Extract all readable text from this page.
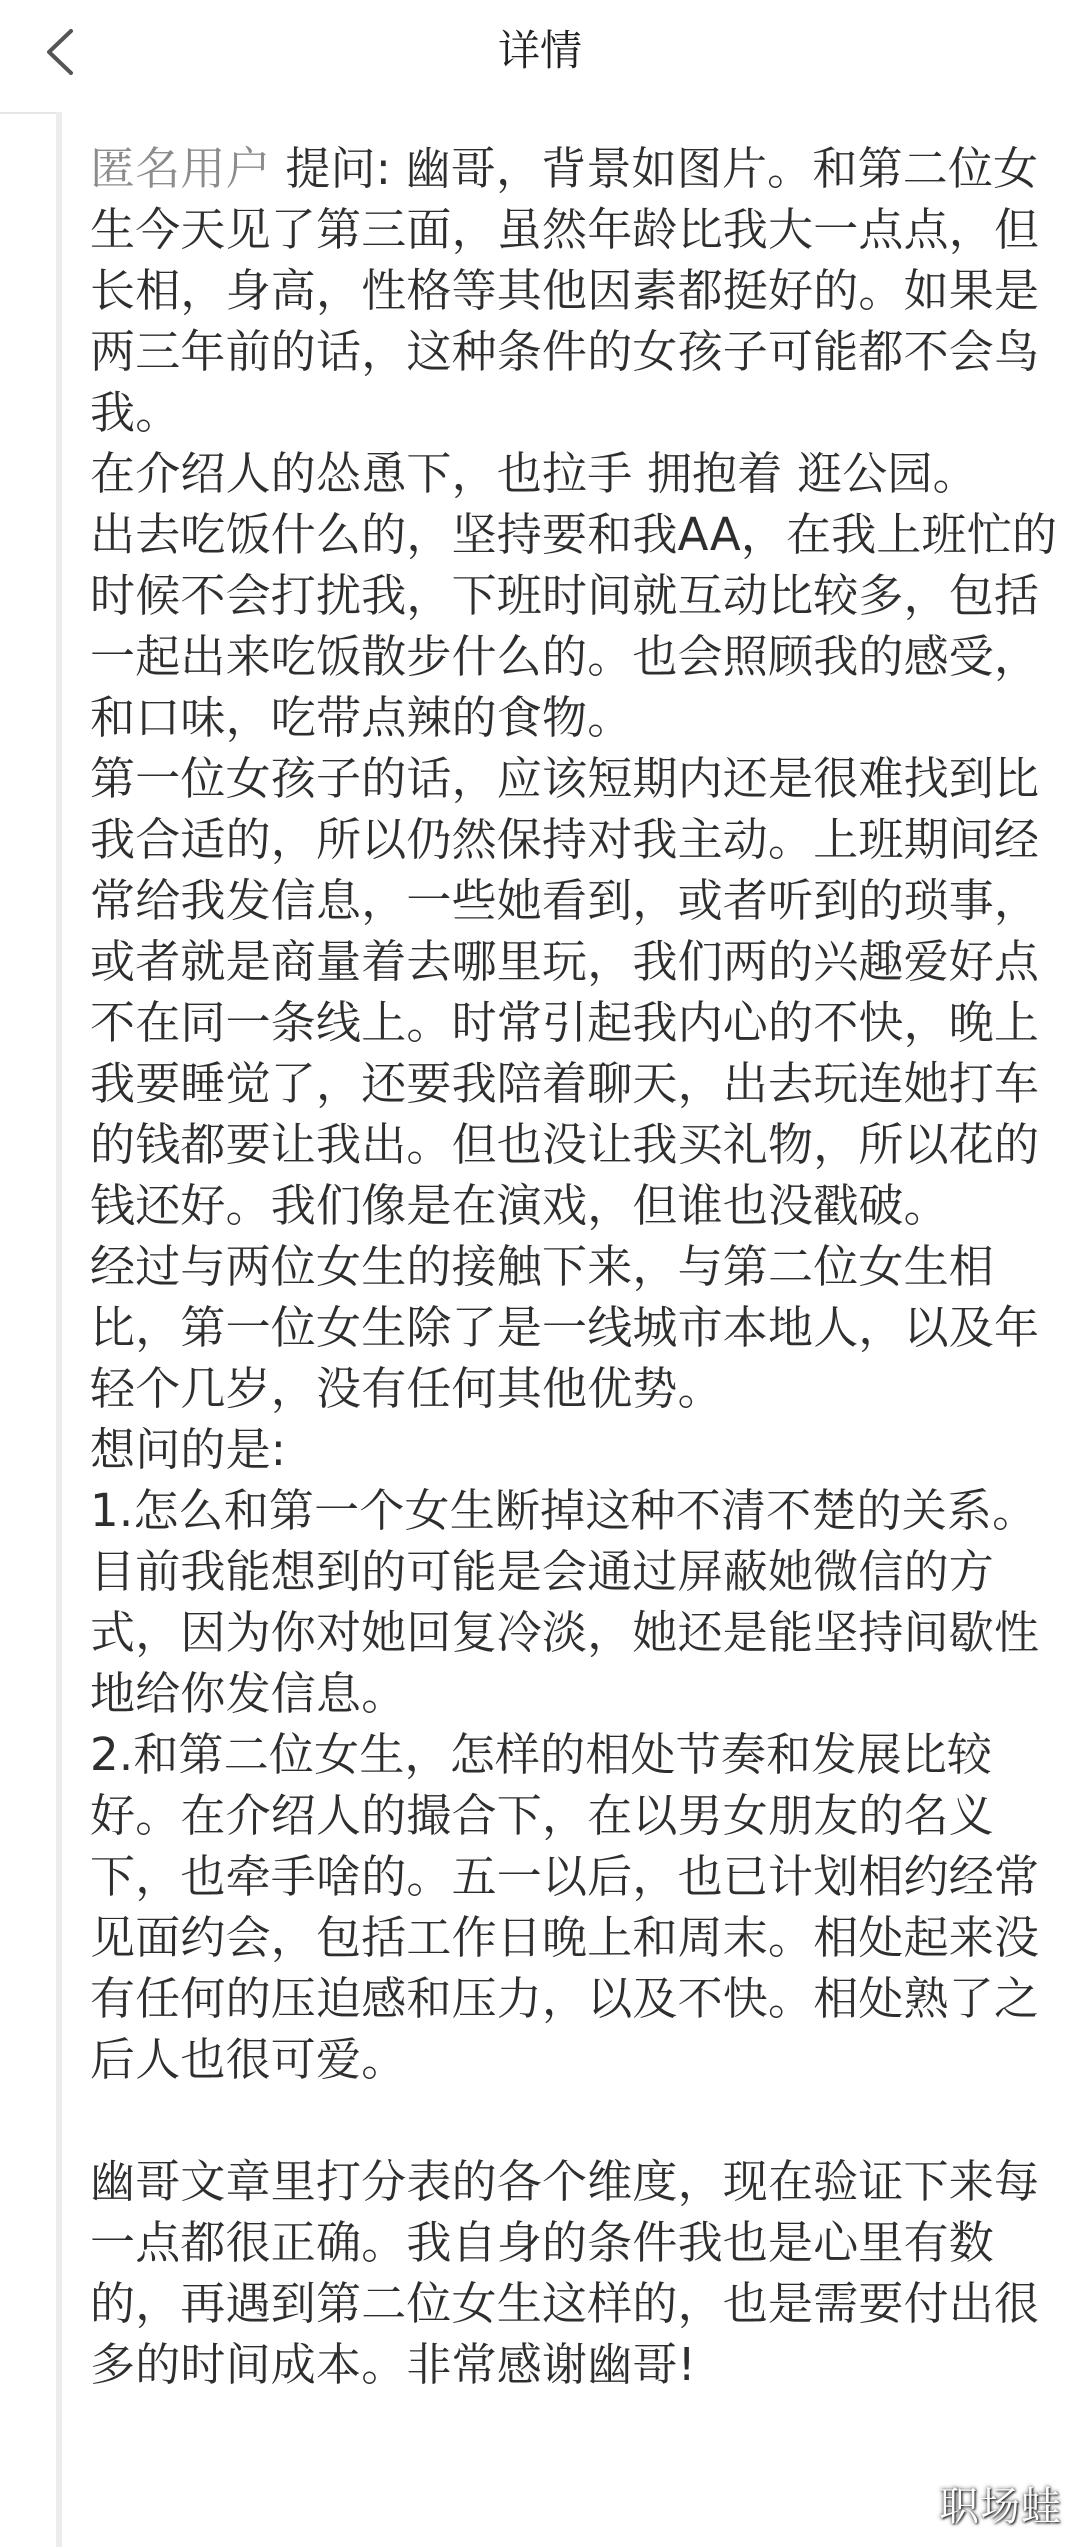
详情

匿名用户 提问: 幽哥，背景如图片。和第二位女生今天见了第三面，虽然年龄比我大一点点，但长相，身高，性格等其他因素都挺好的。如果是两三年前的话，这种条件的女孩子可能都不会鸟我。

在介绍人的怂恿下，也拉手 拥抱着 逛公园。

出去吃饭什么的，坚持要和我AA，在我上班忙的时候不会打扰我，下班时间就互动比较多，包括一起出来吃饭散步什么的。也会照顾我的感受，和口味，吃带点辣的食物。

第一位女孩子的话，应该短期内还是很难找到比我合适的，所以仍然保持对我主动。上班期间经常给我发信息，一些她看到，或者听到的琐事，或者就是商量着去哪里玩，我们两的兴趣爱好点不在同一条线上。时常引起我内心的不快，晚上我要睡觉了，还要我陪着聊天，出去玩连她打车的钱都要让我出。但也没让我买礼物，所以花的钱还好。我们像是在演戏，但谁也没戳破。

经过与两位女生的接触下来，与第二位女生相比，第一位女生除了是一线城市本地人，以及年轻个几岁，没有任何其他优势。

想问的是:

1.怎么和第一个女生断掉这种不清不楚的关系。目前我能想到的可能是会通过屏蔽她微信的方式，因为你对她回复冷淡，她还是能坚持间歇性地给你发信息。

2.和第二位女生，怎样的相处节奏和发展比较好。在介绍人的撮合下，在以男女朋友的名义下，也牵手啥的。五一以后，也已计划相约经常见面约会，包括工作日晚上和周末。相处起来没有任何的压迫感和压力，以及不快。相处熟了之后人也很可爱。

幽哥文章里打分表的各个维度，现在验证下来每一点都很正确。我自身的条件我也是心里有数的，再遇到第二位女生这样的，也是需要付出很多的时间成本。非常感谢幽哥!

职场蛙
